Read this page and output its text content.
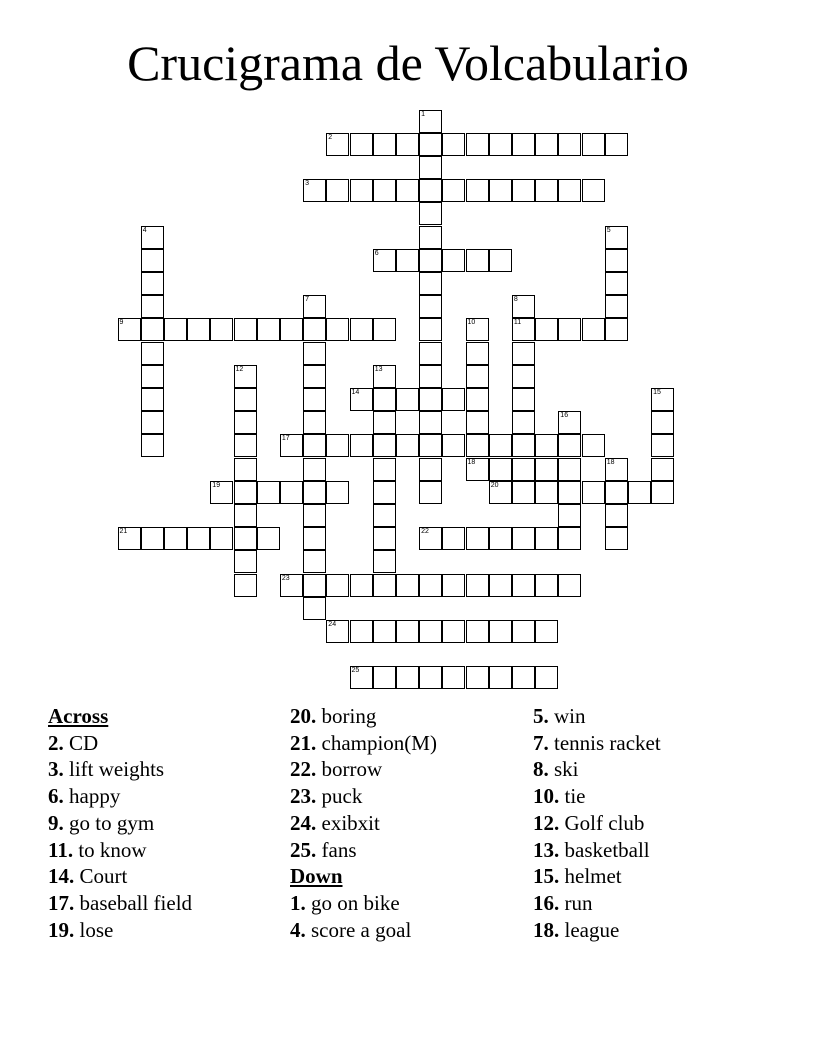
Crucigrama de Volcabulario
2
3
6
9	11
14
17
18
19	20
21	22
23
24
25
1
4	5
7	8
10
12	13
15
16
18
Across
2. CD
3. lift weights
6. happy
9. go to gym
11. to know
14. Court
17. baseball field
19. lose
20. boring
21. champion(M)
22. borrow
23. puck
24. exibxit
25. fans
Down
1. go on bike
4. score a goal
5. win
7. tennis racket
8. ski
10. tie
12. Golf club
13. basketball
15. helmet
16. run
18. league
